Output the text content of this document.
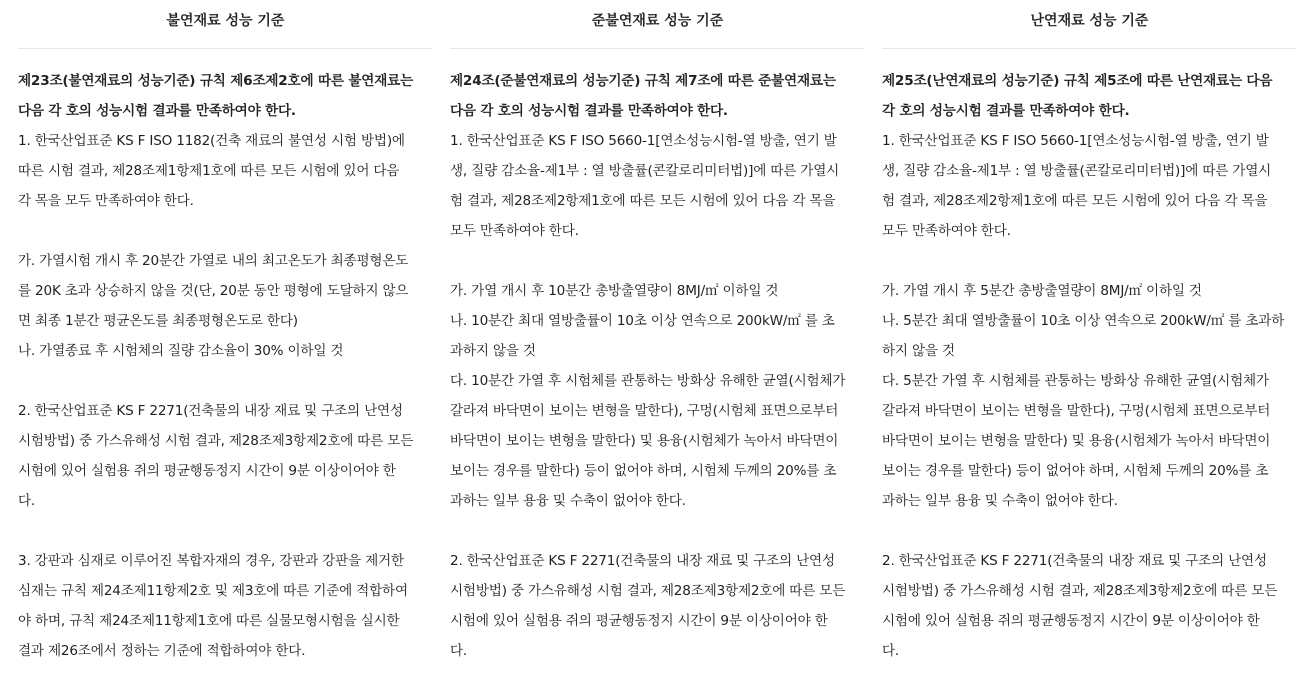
불연재료 성능 기준
제23조(불연재료의 성능기준) 규칙 제6조제2호에 따른 불연재료는
다음 각 호의 성능시험 결과를 만족하여야 한다.
1. 한국산업표준 KS F ISO 1182(건축 재료의 불연성 시험 방법)에
따른 시험 결과, 제28조제1항제1호에 따른 모든 시험에 있어 다음
각 목을 모두 만족하여야 한다.
가. 가열시험 개시 후 20분간 가열로 내의 최고온도가 최종평형온도
를 20K 초과 상승하지 않을 것(단, 20분 동안 평형에 도달하지 않으
면 최종 1분간 평균온도를 최종평형온도로 한다)
나. 가열종료 후 시험체의 질량 감소율이 30% 이하일 것
2. 한국산업표준 KS F 2271(건축물의 내장 재료 및 구조의 난연성
시험방법) 중 가스유해성 시험 결과, 제28조제3항제2호에 따른 모든
시험에 있어 실험용 쥐의 평균행동정지 시간이 9분 이상이어야 한
다.
3. 강판과 심재로 이루어진 복합자재의 경우, 강판과 강판을 제거한
심재는 규칙 제24조제11항제2호 및 제3호에 따른 기준에 적합하여
야 하며, 규칙 제24조제11항제1호에 따른 실물모형시험을 실시한
결과 제26조에서 정하는 기준에 적합하여야 한다.
준불연재료 성능 기준
제24조(준불연재료의 성능기준) 규칙 제7조에 따른 준불연재료는
다음 각 호의 성능시험 결과를 만족하여야 한다.
1. 한국산업표준 KS F ISO 5660-1[연소성능시험-열 방출, 연기 발
생, 질량 감소율-제1부 : 열 방출률(콘칼로리미터법)]에 따른 가열시
험 결과, 제28조제2항제1호에 따른 모든 시험에 있어 다음 각 목을
모두 만족하여야 한다.
가. 가열 개시 후 10분간 총방출열량이 8MJ/㎡ 이하일 것
나. 10분간 최대 열방출률이 10초 이상 연속으로 200kW/㎡ 를 초
과하지 않을 것
다. 10분간 가열 후 시험체를 관통하는 방화상 유해한 균열(시험체가
갈라져 바닥면이 보이는 변형을 말한다), 구멍(시험체 표면으로부터
바닥면이 보이는 변형을 말한다) 및 용융(시험체가 녹아서 바닥면이
보이는 경우를 말한다) 등이 없어야 하며, 시험체 두께의 20%를 초
과하는 일부 용융 및 수축이 없어야 한다.
2. 한국산업표준 KS F 2271(건축물의 내장 재료 및 구조의 난연성
시험방법) 중 가스유해성 시험 결과, 제28조제3항제2호에 따른 모든
시험에 있어 실험용 쥐의 평균행동정지 시간이 9분 이상이어야 한
다.
난연재료 성능 기준
제25조(난연재료의 성능기준) 규칙 제5조에 따른 난연재료는 다음
각 호의 성능시험 결과를 만족하여야 한다.
1. 한국산업표준 KS F ISO 5660-1[연소성능시험-열 방출, 연기 발
생, 질량 감소율-제1부 : 열 방출률(콘칼로리미터법)]에 따른 가열시
험 결과, 제28조제2항제1호에 따른 모든 시험에 있어 다음 각 목을
모두 만족하여야 한다.
가. 가열 개시 후 5분간 총방출열량이 8MJ/㎡ 이하일 것
나. 5분간 최대 열방출률이 10초 이상 연속으로 200kW/㎡ 를 초과하
하지 않을 것
다. 5분간 가열 후 시험체를 관통하는 방화상 유해한 균열(시험체가
갈라져 바닥면이 보이는 변형을 말한다), 구멍(시험체 표면으로부터
바닥면이 보이는 변형을 말한다) 및 용융(시험체가 녹아서 바닥면이
보이는 경우를 말한다) 등이 없어야 하며, 시험체 두께의 20%를 초
과하는 일부 용융 및 수축이 없어야 한다.
2. 한국산업표준 KS F 2271(건축물의 내장 재료 및 구조의 난연성
시험방법) 중 가스유해성 시험 결과, 제28조제3항제2호에 따른 모든
시험에 있어 실험용 쥐의 평균행동정지 시간이 9분 이상이어야 한
다.
